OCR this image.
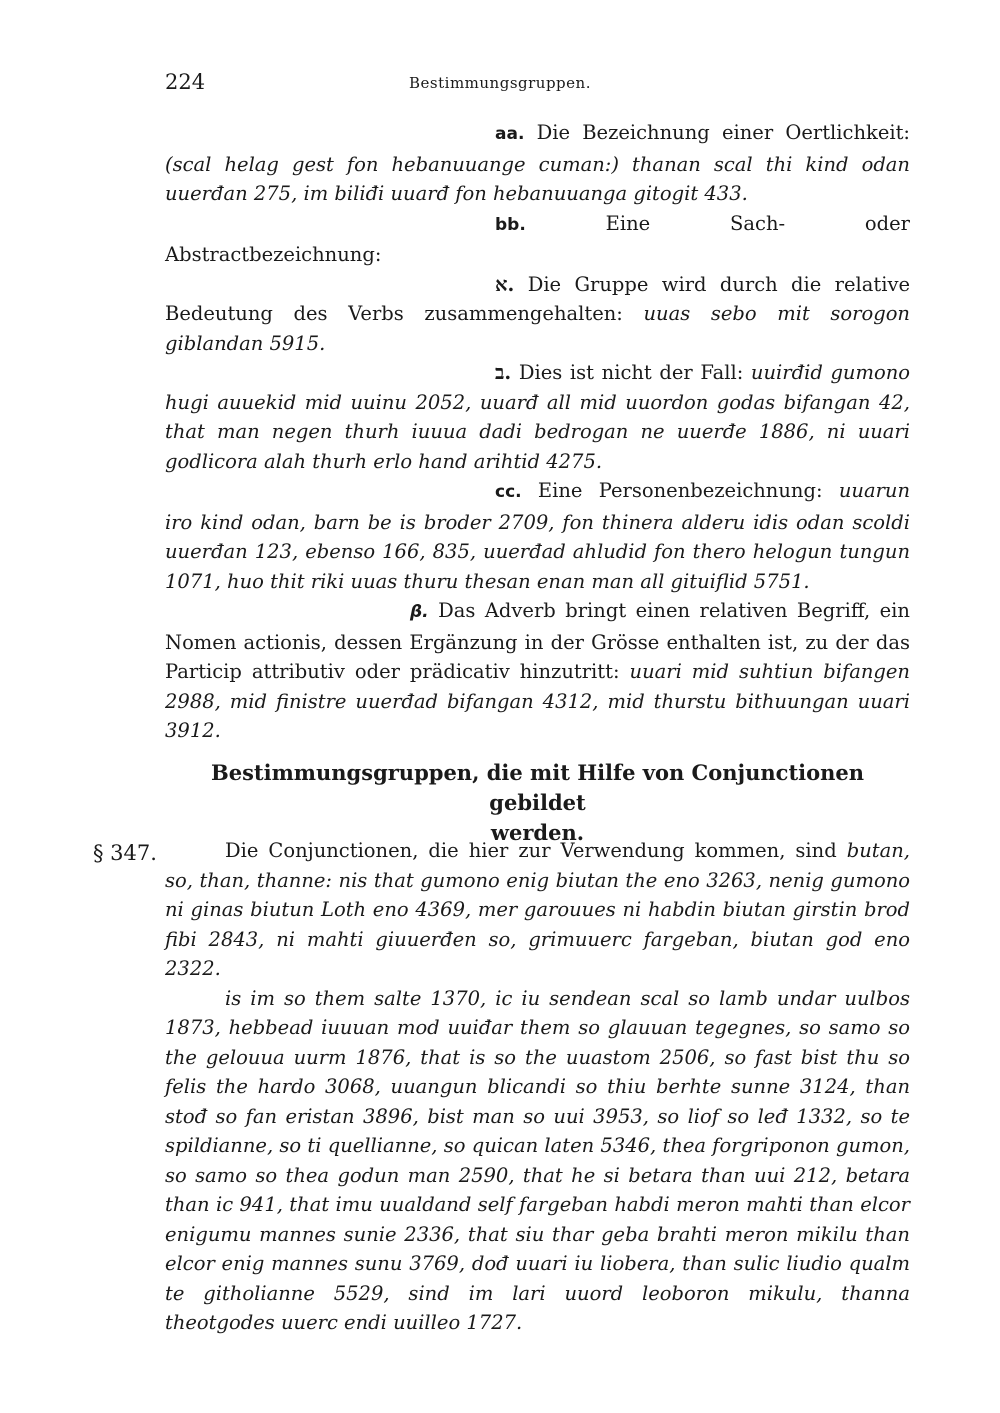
224	Bestimmungsgruppen.

aa. Die Bezeichnung einer Oertlichkeit: (scal helag gest fon hebanuuange cuman:) thanan scal thi kind odan uuerđan 275, im biliđi uuarđ fon hebanuuanga gitogit 433.

bb.	Eine Sach- oder Abstractbezeichnung:

א. Die Gruppe wird durch die relative Bedeutung des Verbs zusammengehalten: uuas sebo mit sorogon giblandan 5915.

ב. Dies ist nicht der Fall: uuirđid gumono hugi auuekid mid uuinu 2052, uuarđ all mid uuordon godas bifangan 42, that man negen thurh iuuua dadi bedrogan ne uuerđe 1886, ni uuari godlicora alah thurh erlo hand arihtid 4275.

cc. Eine Personenbezeichnung: uuarun iro kind odan, barn be is broder 2709, fon thinera alderu idis odan scoldi uuerđan 123, ebenso 166, 835, uuerđad ahludid fon thero helogun tungun 1071, huo thit riki uuas thuru thesan enan man all gituiflid 5751.

β. Das Adverb bringt einen relativen Begriff, ein Nomen actionis, dessen Ergänzung in der Grösse enthalten ist, zu der das Particip attributiv oder prädicativ hinzutritt: uuari mid suhtiun bifangen 2988, mid finistre uuerđad bifangan 4312, mid thurstu bithuungan uuari 3912.

Bestimmungsgruppen, die mit Hilfe von Conjunctionen gebildet
werden.
§ 347.	Die Conjunctionen, die hier zur Verwendung kommen, sind butan, so, than, thanne: nis that gumono enig biutan the eno 3263, nenig gumono ni ginas biutun Loth eno 4369, mer garouues ni habdin biutan girstin brod fibi 2843, ni mahti giuuerđen so, grimuuerc fargeban, biutan god eno 2322.

is im so them salte 1370, ic iu sendean scal so lamb undar uulbos 1873, hebbead iuuuan mod uuiđar them so glauuan tegegnes, so samo so the gelouua uurm 1876, that is so the uuastom 2506, so fast bist thu so felis the hardo 3068, uuangun blicandi so thiu berhte sunne 3124, than stođ so fan eristan 3896, bist man so uui 3953, so liof so leđ 1332, so te spildianne, so ti quellianne, so quican laten 5346, thea forgriponon gumon, so samo so thea godun man 2590, that he si betara than uui 212, betara than ic 941, that imu uualdand self fargeban habdi meron mahti than elcor enigumu mannes sunie 2336, that siu thar geba brahti meron mikilu than elcor enig mannes sunu 3769, dođ uuari iu liobera, than sulic liudio qualm te githolianne 5529, sind im lari uuord leoboron mikulu, thanna theotgodes uuerc endi uuilleo 1727.
